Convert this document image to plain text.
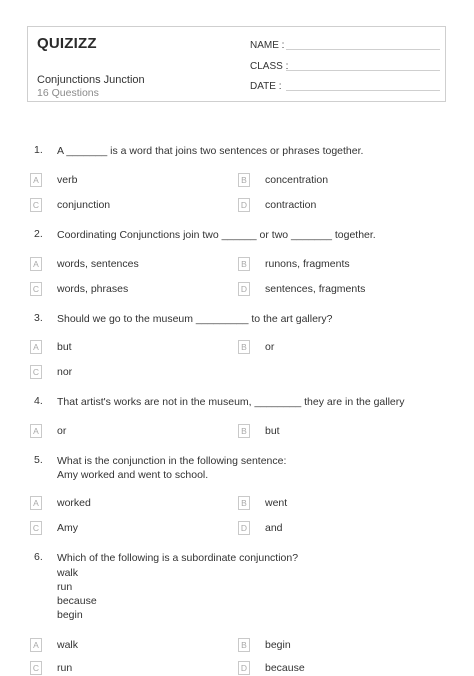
QUIZIZZ
Conjunctions Junction
16 Questions
NAME :
CLASS :
DATE :
1. A _______ is a word that joins two sentences or phrases together.
A	verb	B	concentration
C conjunction	D contraction
2. Coordinating Conjunctions join two ______ or two _______ together.
A	words, sentences	B	runons, fragments
C words, phrases	D sentences, fragments
3. Should we go to the museum _________ to the art gallery?
A	but	B	or
C nor
4. That artist's works are not in the museum, ________ they are in the gallery
A	or	B	but
5. What is the conjunction in the following sentence:
Amy worked and went to school.
A	worked	B	went
C Amy	D and
6. Which of the following is a subordinate conjunction?
walk
run
because
begin
A	walk	B	begin
C run	D because
